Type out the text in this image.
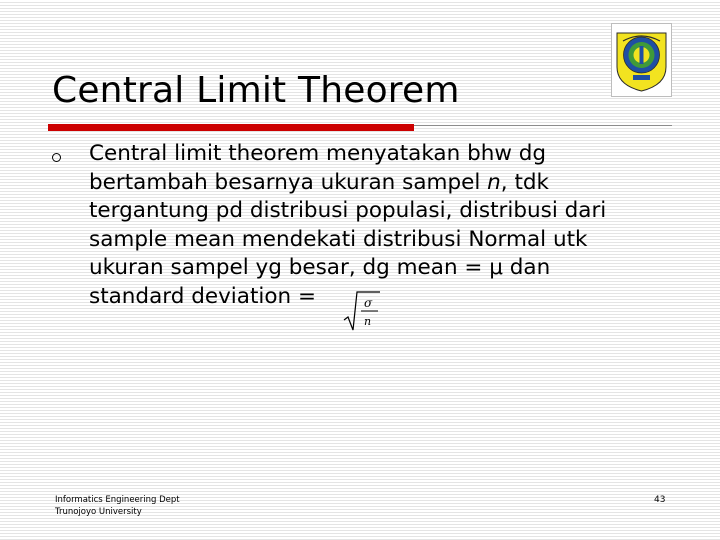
Central Limit Theorem
Central limit theorem menyatakan bhw dg
bertambah besarnya ukuran sampel n, tdk
tergantung pd distribusi populasi, distribusi dari
sample mean mendekati distribusi Normal utk
ukuran sampel yg besar, dg mean = μ dan
standard deviation =	σ
n
Informatics Engineering Dept
Trunojoyo University
43
